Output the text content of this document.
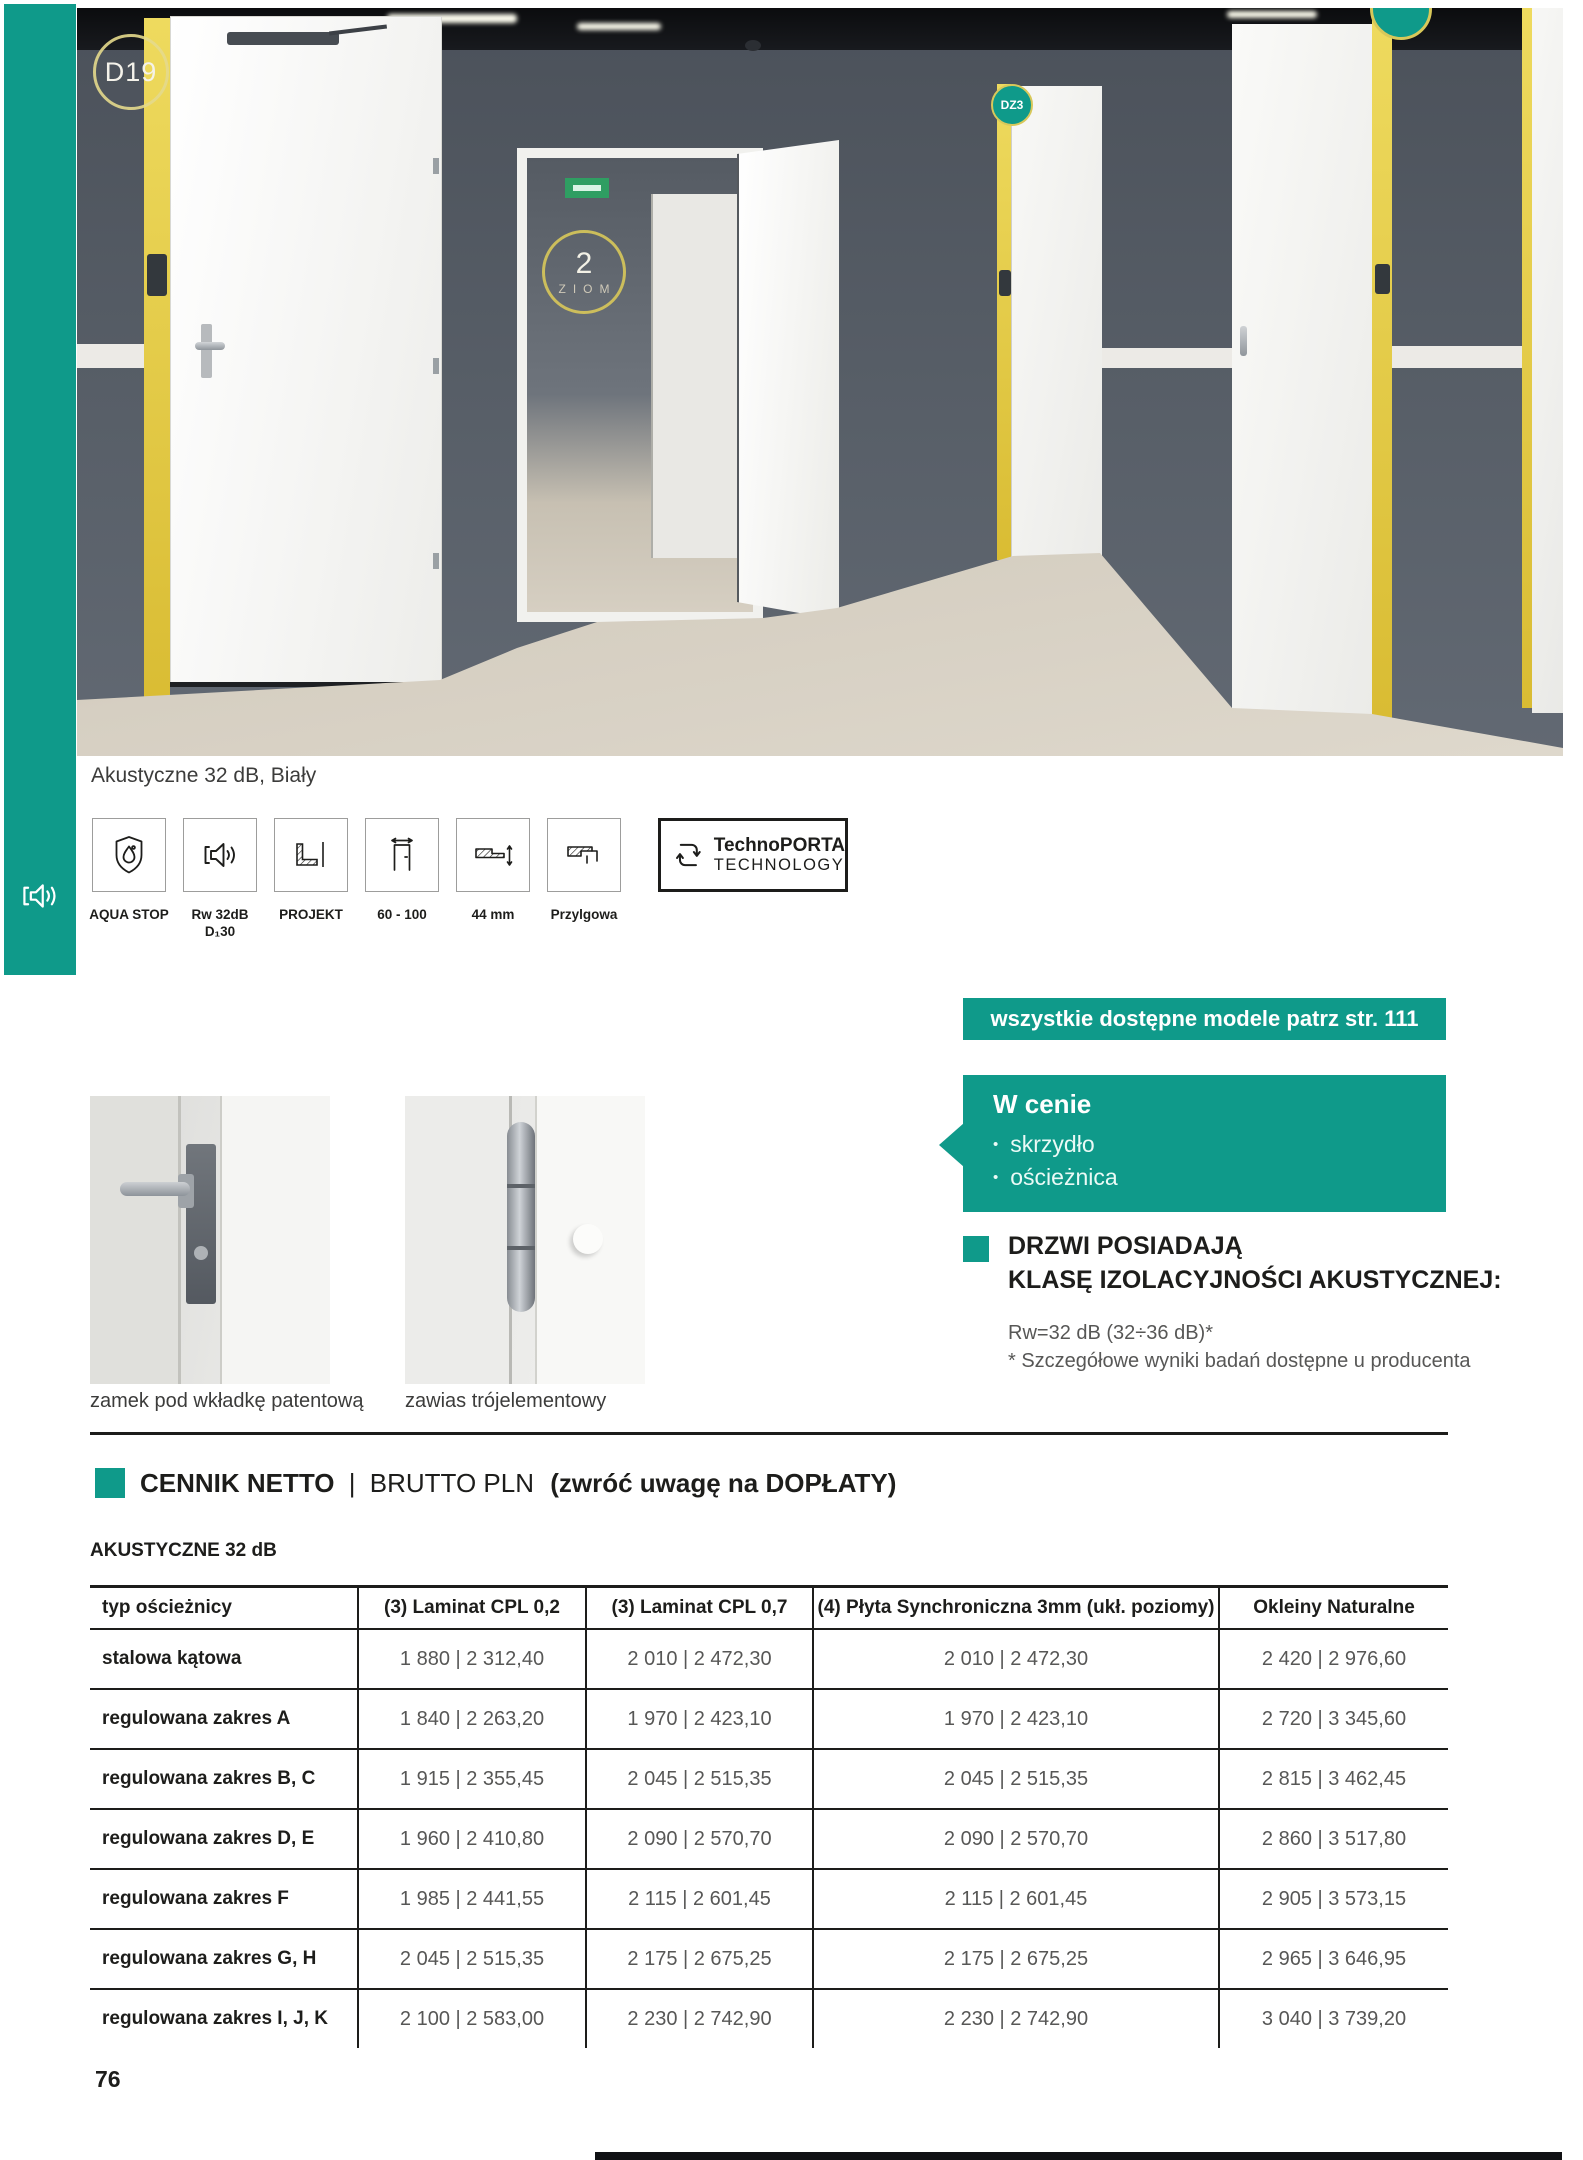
D19
2
ZIOM
DZ3
Akustyczne 32 dB, Biały
AQUA STOP	Rw 32dB
D₁30
PROJEKT	60 - 100	44 mm	Przylgowa
TechnoPORTA
TECHNOLOGY
wszystkie dostępne modele patrz str. 111
zamek pod wkładkę patentową zawias trójelementowy
W cenie
• skrzydło
• ościeżnica
DRZWI POSIADAJĄ
KLASĘ IZOLACYJNOŚCI AKUSTYCZNEJ:
Rw=32 dB (32÷36 dB)*
* Szczegółowe wyniki badań dostępne u producenta
CENNIK NETTO | BRUTTO PLN (zwróć uwagę na DOPŁATY)
AKUSTYCZNE 32 dB
typ ościeżnicy	(3) Laminat CPL 0,2	(3) Laminat CPL 0,7	(4) Płyta Synchroniczna 3mm (ukł. poziomy)	Okleiny Naturalne
stalowa kątowa	1 880 | 2 312,40	2 010 | 2 472,30	2 010 | 2 472,30	2 420 | 2 976,60
regulowana zakres A	1 840 | 2 263,20	1 970 | 2 423,10	1 970 | 2 423,10	2 720 | 3 345,60
regulowana zakres B, C	1 915 | 2 355,45	2 045 | 2 515,35	2 045 | 2 515,35	2 815 | 3 462,45
regulowana zakres D, E	1 960 | 2 410,80	2 090 | 2 570,70	2 090 | 2 570,70	2 860 | 3 517,80
regulowana zakres F	1 985 | 2 441,55	2 115 | 2 601,45	2 115 | 2 601,45	2 905 | 3 573,15
regulowana zakres G, H	2 045 | 2 515,35	2 175 | 2 675,25	2 175 | 2 675,25	2 965 | 3 646,95
regulowana zakres I, J, K	2 100 | 2 583,00	2 230 | 2 742,90	2 230 | 2 742,90	3 040 | 3 739,20
76
